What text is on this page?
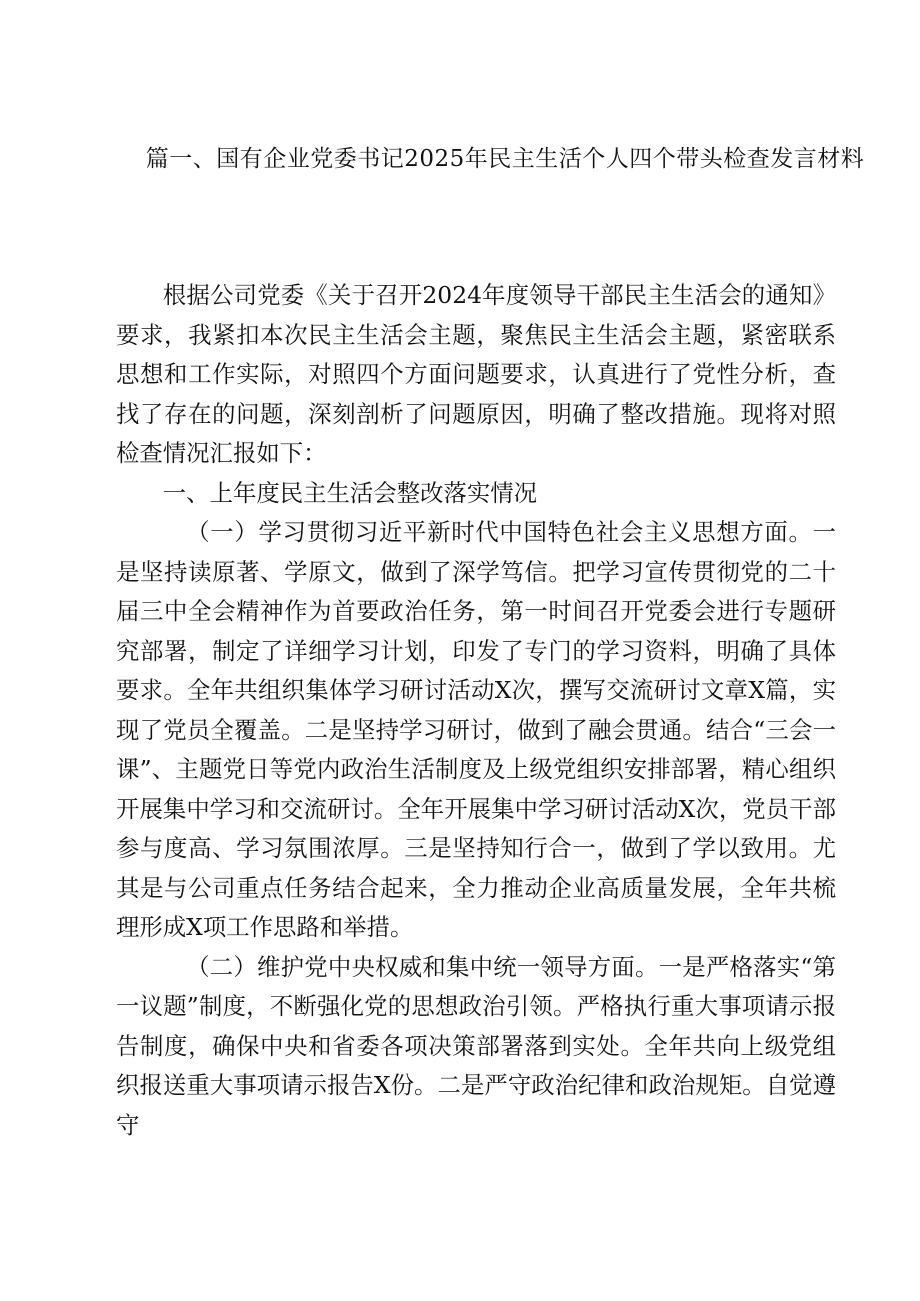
篇一、国有企业党委书记2025年民主生活个人四个带头检查发言材料

根据公司党委《关于召开2024年度领导干部民主生活会的通知》要求，我紧扣本次民主生活会主题，聚焦民主生活会主题，紧密联系思想和工作实际，对照四个方面问题要求，认真进行了党性分析，查找了存在的问题，深刻剖析了问题原因，明确了整改措施。现将对照检查情况汇报如下：

一、上年度民主生活会整改落实情况

（一）学习贯彻习近平新时代中国特色社会主义思想方面。一是坚持读原著、学原文，做到了深学笃信。把学习宣传贯彻党的二十届三中全会精神作为首要政治任务，第一时间召开党委会进行专题研究部署，制定了详细学习计划，印发了专门的学习资料，明确了具体要求。全年共组织集体学习研讨活动X次，撰写交流研讨文章X篇，实现了党员全覆盖。二是坚持学习研讨，做到了融会贯通。结合“三会一课”、主题党日等党内政治生活制度及上级党组织安排部署，精心组织开展集中学习和交流研讨。全年开展集中学习研讨活动X次，党员干部参与度高、学习氛围浓厚。三是坚持知行合一，做到了学以致用。尤其是与公司重点任务结合起来，全力推动企业高质量发展，全年共梳理形成X项工作思路和举措。

（二）维护党中央权威和集中统一领导方面。一是严格落实“第一议题”制度，不断强化党的思想政治引领。严格执行重大事项请示报告制度，确保中央和省委各项决策部署落到实处。全年共向上级党组织报送重大事项请示报告X份。二是严守政治纪律和政治规矩。自觉遵守
